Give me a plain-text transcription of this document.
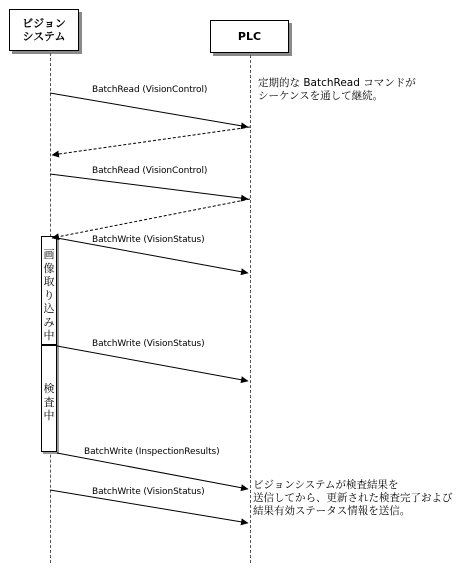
ビジョン
システム	PLC
画
像
取
り
込
み
中
検
査
中
BatchRead (VisionControl)
BatchRead (VisionControl)
BatchWrite (VisionStatus)
BatchWrite (VisionStatus)
BatchWrite (InspectionResults)
BatchWrite (VisionStatus)
定期的な BatchRead コマンドが
シーケンスを通して継続。
ビジョンシステムが検査結果を
送信してから、更新された検査完了および
結果有効ステータス情報を送信。
